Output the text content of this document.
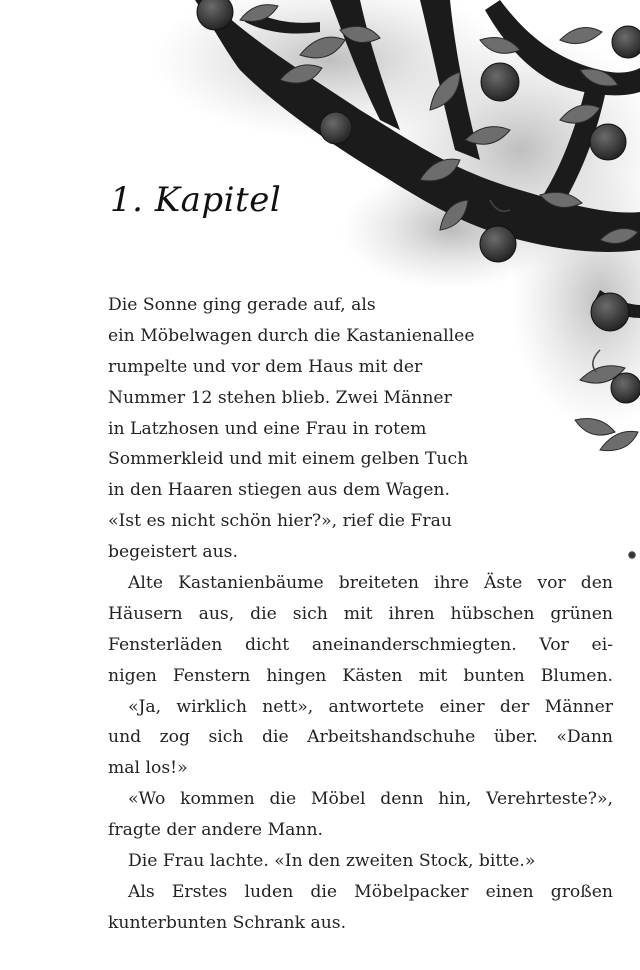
1. Kapitel
Die Sonne ging gerade auf, als
ein Möbelwagen durch die Kastanienallee
rumpelte und vor dem Haus mit der
Nummer 12 stehen blieb. Zwei Männer
in Latzhosen und eine Frau in rotem
Sommerkleid und mit einem gelben Tuch
in den Haaren stiegen aus dem Wagen.
«Ist es nicht schön hier?», rief die Frau
begeistert aus.
Alte Kastanienbäume breiteten ihre Äste vor den
Häusern aus, die sich mit ihren hübschen grünen
Fensterläden dicht aneinanderschmiegten. Vor ei-
nigen Fenstern hingen Kästen mit bunten Blumen.
«Ja, wirklich nett», antwortete einer der Männer
und zog sich die Arbeitshandschuhe über. «Dann
mal los!»
«Wo kommen die Möbel denn hin, Verehrteste?»,
fragte der andere Mann.
Die Frau lachte. «In den zweiten Stock, bitte.»
Als Erstes luden die Möbelpacker einen großen
kunterbunten Schrank aus.
